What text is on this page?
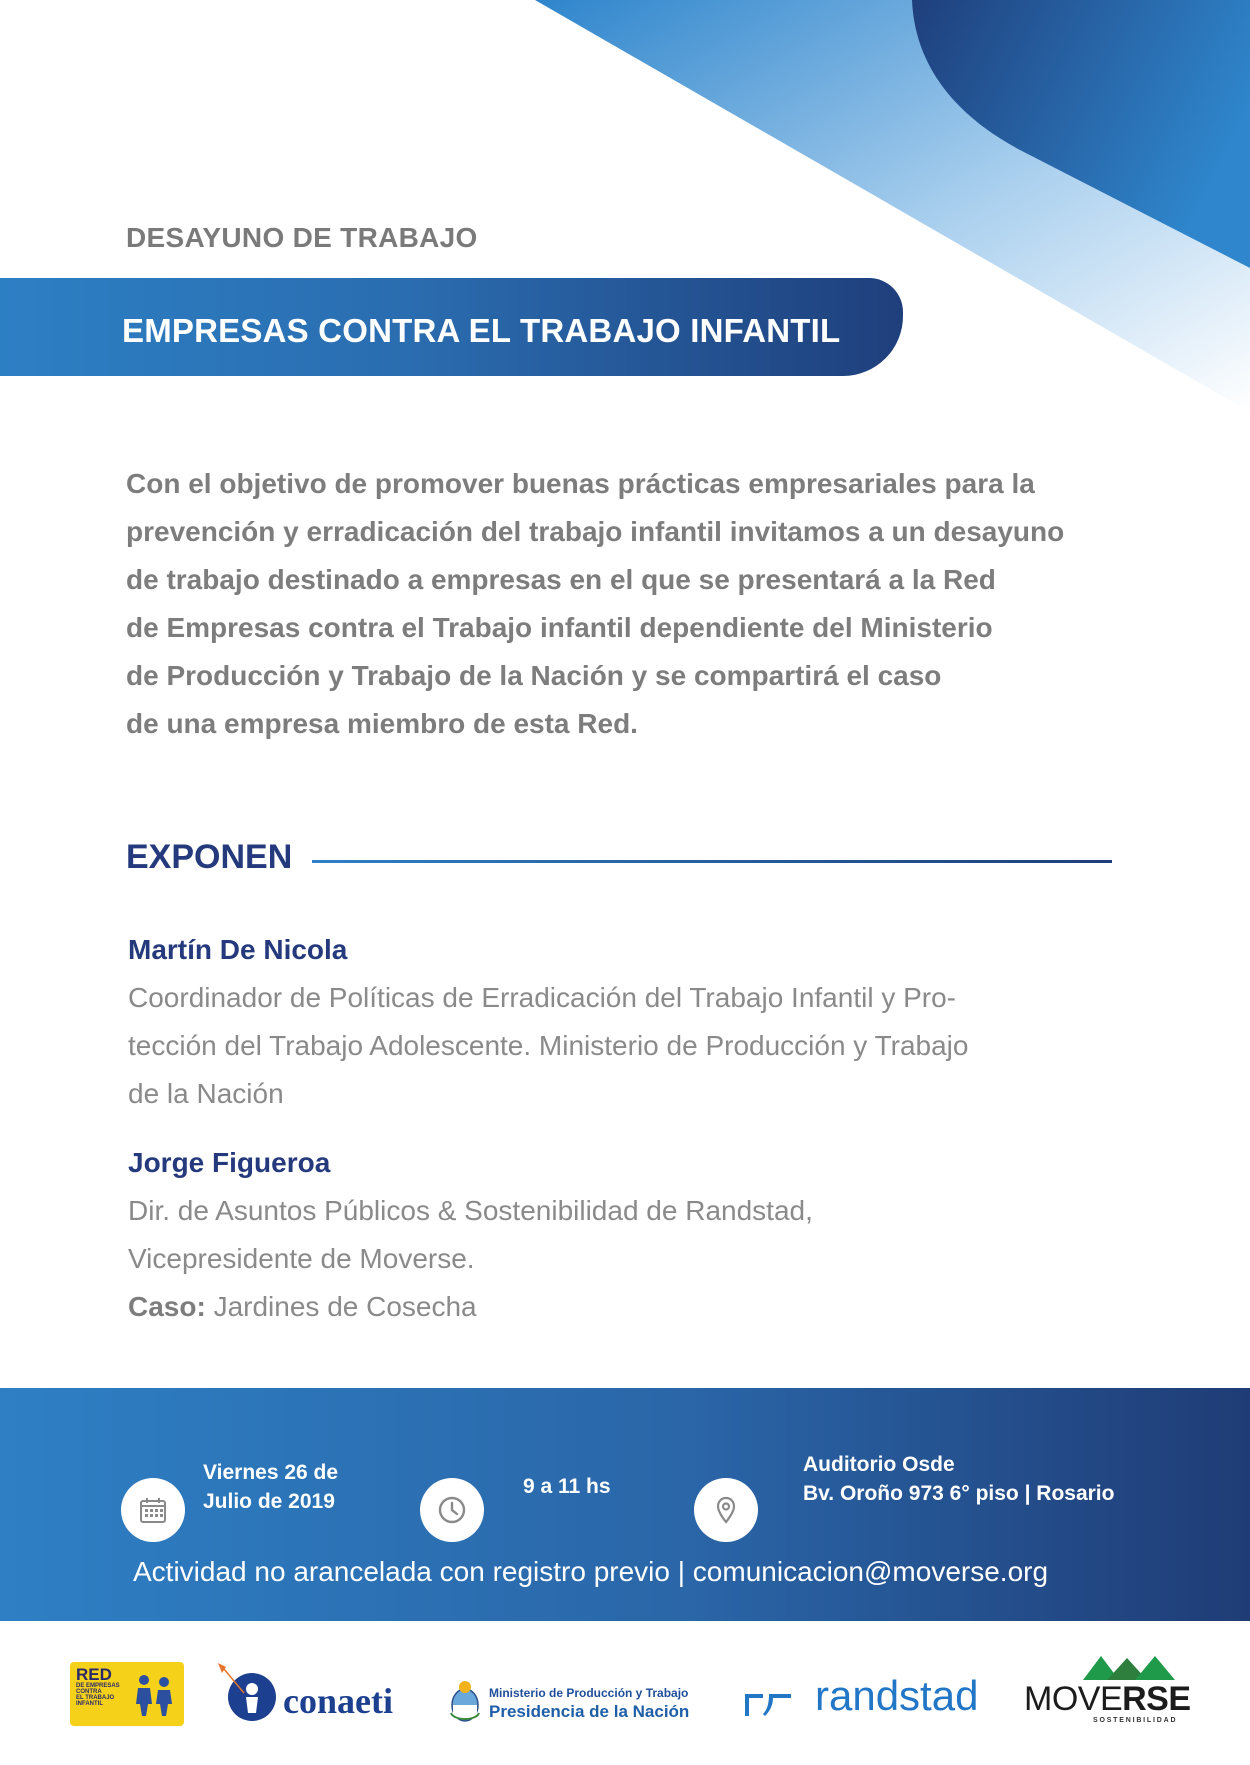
DESAYUNO DE TRABAJO
EMPRESAS CONTRA EL TRABAJO INFANTIL
Con el objetivo de promover buenas prácticas empresariales para la
prevención y erradicación del trabajo infantil invitamos a un desayuno
de trabajo destinado a empresas en el que se presentará a la Red
de Empresas contra el Trabajo infantil dependiente del Ministerio
de Producción y Trabajo de la Nación y se compartirá el caso
de una empresa miembro de esta Red.
EXPONEN
Martín De Nicola
Coordinador de Políticas de Erradicación del Trabajo Infantil y Pro-
tección del Trabajo Adolescente. Ministerio de Producción y Trabajo
de la Nación
Jorge Figueroa
Dir. de Asuntos Públicos & Sostenibilidad de Randstad,
Vicepresidente de Moverse.
Caso: Jardines de Cosecha
Viernes 26 de
Julio de 2019
9 a 11 hs
Auditorio Osde
Bv. Oroño 973 6° piso | Rosario
Actividad no arancelada con registro previo | comunicacion@moverse.org
RED
DE EMPRESAS
CONTRA
EL TRABAJO
INFANTIL	conaeti	Ministerio de Producción y Trabajo
Presidencia de la Nación	randstad MOVERSE
SOSTENIBILIDAD
